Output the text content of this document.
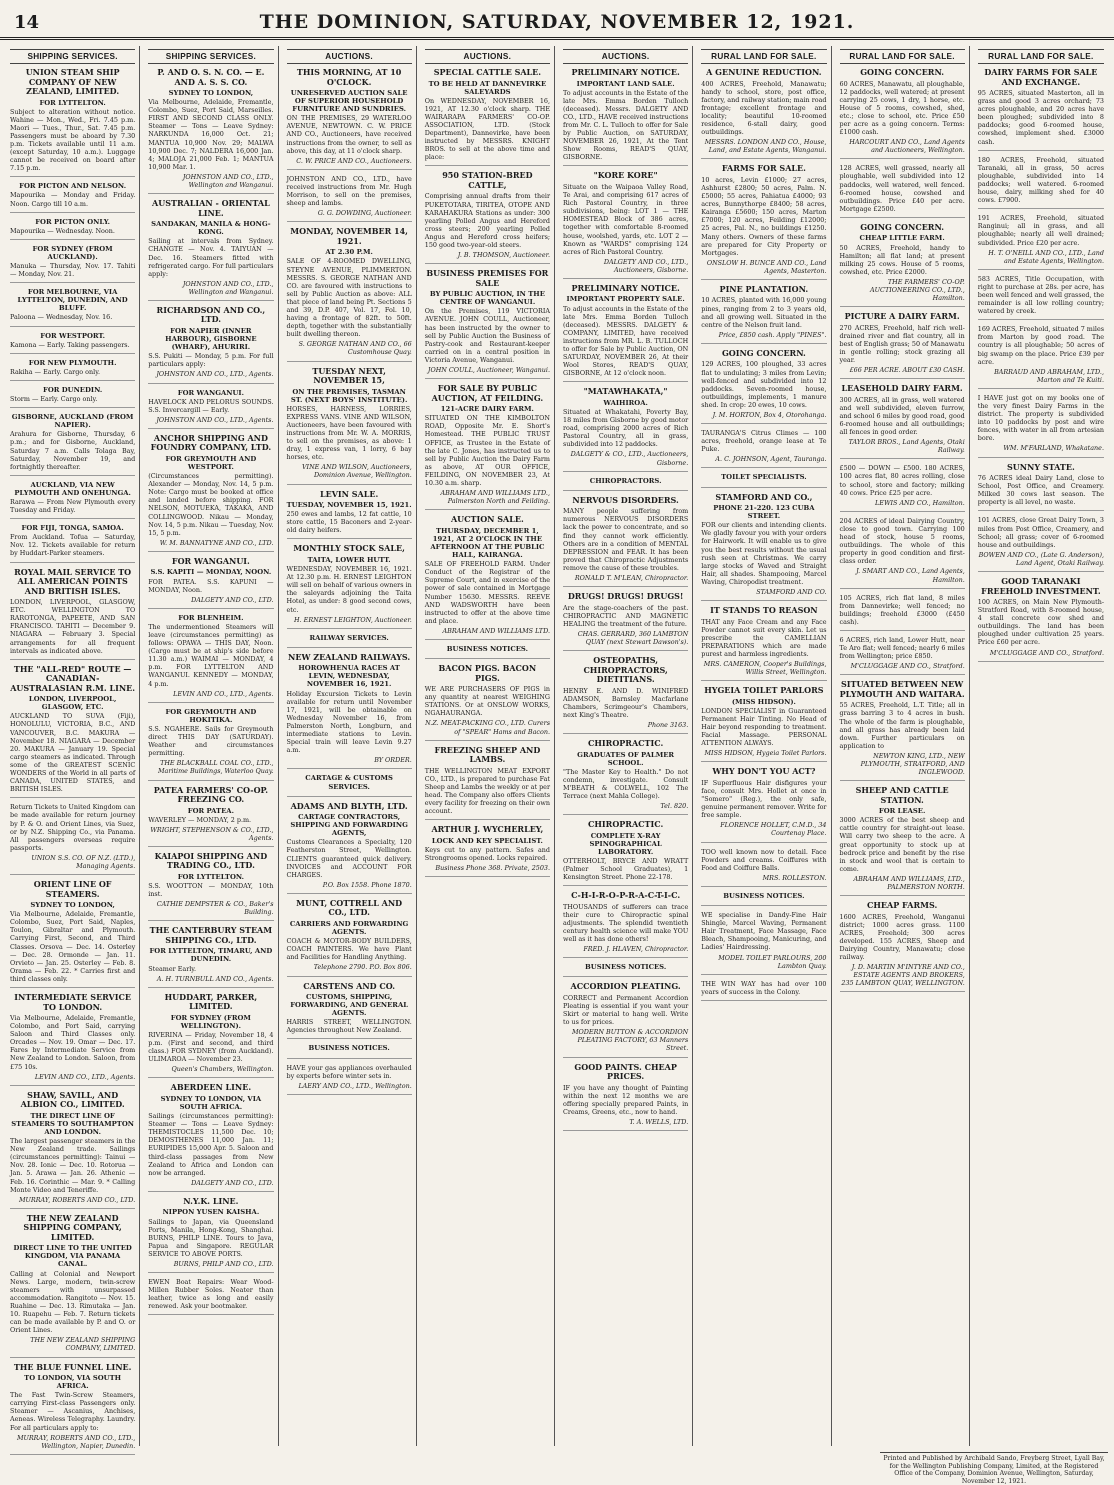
14	THE DOMINION, SATURDAY, NOVEMBER 12, 1921.
SHIPPING SERVICES.
UNION STEAM SHIP COMPANY OF NEW ZEALAND, LIMITED.
FOR LYTTELTON.
Subject to alteration without notice. Wahine — Mon., Wed., Fri. 7.45 p.m. Maori — Tues., Thur., Sat. 7.45 p.m. Passengers must be aboard by 7.30 p.m. Tickets available until 11 a.m. (except Saturday, 10 a.m.). Luggage cannot be received on board after 7.15 p.m.
FOR PICTON AND NELSON.
Mapourika — Monday and Friday. Noon. Cargo till 10 a.m.
FOR PICTON ONLY.
Mapourika — Wednesday. Noon.
FOR SYDNEY (FROM AUCKLAND).
Manuka — Thursday, Nov. 17. Tahiti — Monday, Nov. 21.
FOR MELBOURNE, VIA LYTTELTON, DUNEDIN, AND BLUFF.
Paloona — Wednesday, Nov. 16.
FOR WESTPORT.
Kamona — Early. Taking passengers.
FOR NEW PLYMOUTH.
Rakiha — Early. Cargo only.
FOR DUNEDIN.
Storm — Early. Cargo only.
GISBORNE, AUCKLAND (FROM NAPIER).
Arahura for Gisborne, Thursday, 6 p.m.; and for Gisborne, Auckland, Saturday 7 a.m. Calls Tolaga Bay, Saturday, November 19, and fortnightly thereafter.
AUCKLAND, VIA NEW PLYMOUTH AND ONEHUNGA.
Rarawa — From New Plymouth every Tuesday and Friday.
FOR FIJI, TONGA, SAMOA.
From Auckland. Tofua — Saturday, Nov. 12. Tickets available for return by Huddart-Parker steamers.
ROYAL MAIL SERVICE TO ALL AMERICAN POINTS AND BRITISH ISLES.
LONDON, LIVERPOOL, GLASGOW, ETC. WELLINGTON TO RAROTONGA, PAPEETE, AND SAN FRANCISCO. TAHITI — December 9. NIAGARA — February 3. Special arrangements for all frequent intervals as indicated above.
THE "ALL-RED" ROUTE — CANADIAN-AUSTRALASIAN R.M. LINE.
LONDON, LIVERPOOL, GLASGOW, ETC.
AUCKLAND TO SUVA (Fiji), HONOLULU, VICTORIA, B.C., AND VANCOUVER, B.C. MAKURA — November 18. NIAGARA — December 20. MAKURA — January 19. Special cargo steamers as indicated. Through some of the GREATEST SCENIC WONDERS of the World in all parts of CANADA, UNITED STATES, and BRITISH ISLES.
Return Tickets to United Kingdom can be made available for return journey by P. & O. and Orient Lines, via Suez, or by N.Z. Shipping Co., via Panama. All passengers overseas require passports.
UNION S.S. CO. OF N.Z. (LTD.), Managing Agents.
ORIENT LINE OF STEAMERS.
SYDNEY TO LONDON,
Via Melbourne, Adelaide, Fremantle, Colombo, Suez, Port Said, Naples, Toulon, Gibraltar and Plymouth. Carrying First, Second, and Third Classes. Orsova — Dec. 14. Osterley — Dec. 28. Ormonde — Jan. 11. Orvieto — Jan. 25. Osterley — Feb. 8. Orama — Feb. 22. * Carries first and third classes only.
INTERMEDIATE SERVICE TO LONDON.
Via Melbourne, Adelaide, Fremantle, Colombo, and Port Said, carrying Saloon and Third Classes only. Orcades — Nov. 19. Omar — Dec. 17. Fares by Intermediate Service from New Zealand to London. Saloon, from £75 10s.
LEVIN AND CO., LTD., Agents.
SHAW, SAVILL, AND ALBION CO., LIMITED.
THE DIRECT LINE OF STEAMERS TO SOUTHAMPTON AND LONDON.
The largest passenger steamers in the New Zealand trade. Sailings (circumstances permitting): Tainui — Nov. 28. Ionic — Dec. 10. Rotorua — Jan. 5. Arawa — Jan. 26. Athenic — Feb. 16. Corinthic — Mar. 9. * Calling Monte Video and Teneriffe.
MURRAY, ROBERTS AND CO., LTD.
THE NEW ZEALAND SHIPPING COMPANY, LIMITED.
DIRECT LINE TO THE UNITED KINGDOM, VIA PANAMA CANAL.
Calling at Colonial and Newport News. Large, modern, twin-screw steamers with unsurpassed accommodation. Rangitoto — Nov. 15. Ruahine — Dec. 13. Rimutaka — Jan. 10. Ruapehu — Feb. 7. Return tickets can be made available by P. and O. or Orient Lines.
THE NEW ZEALAND SHIPPING COMPANY, LIMITED.
THE BLUE FUNNEL LINE.
TO LONDON, VIA SOUTH AFRICA.
The Fast Twin-Screw Steamers, carrying First-class Passengers only. Steamer — Ascanius, Anchises, Aeneas. Wireless Telegraphy. Laundry. For all particulars apply to:
MURRAY, ROBERTS AND CO., LTD., Wellington, Napier, Dunedin.
SHIPPING SERVICES.
P. AND O. S. N. CO. — E. AND A. S. S. CO.
SYDNEY TO LONDON,
Via Melbourne, Adelaide, Fremantle, Colombo, Suez, Port Said, Marseilles. FIRST AND SECOND CLASS ONLY. Steamer — Tons — Leave Sydney: NARKUNDA 16,000 Oct. 21; MANTUA 10,900 Nov. 29; MALWA 10,900 Dec. 7; NALDERA 16,000 Jan. 4; MALOJA 21,000 Feb. 1; MANTUA 10,900 Mar. 1.
JOHNSTON AND CO., LTD., Wellington and Wanganui.
AUSTRALIAN - ORIENTAL LINE.
SANDAKAN, MANILA & HONG-KONG.
Sailing at intervals from Sydney. CHANGTE — Nov. 4. TAIYUAN — Dec. 16. Steamers fitted with refrigerated cargo. For full particulars apply:
JOHNSTON AND CO., LTD., Wellington and Wanganui.
RICHARDSON AND CO., LTD.
FOR NAPIER (INNER HARBOUR), GISBORNE (WHARF), AHURIRI.
S.S. Pukiti — Monday, 5 p.m. For full particulars apply:
JOHNSTON AND CO., LTD., Agents.
FOR WANGANUI.
HAVELOCK AND PELORUS SOUNDS. S.S. Invercargill — Early.
JOHNSTON AND CO., LTD., Agents.
ANCHOR SHIPPING AND FOUNDRY COMPANY, LTD.
FOR GREYMOUTH AND WESTPORT.
(Circumstances permitting). Alexander — Monday, Nov. 14, 5 p.m. Note: Cargo must be booked at office and landed before shipping. FOR NELSON, MOTUEKA, TAKAKA, AND COLLINGWOOD. Nikau — Monday, Nov. 14, 5 p.m. Nikau — Tuesday, Nov. 15, 5 p.m.
W. M. BANNATYNE AND CO., LTD.
FOR WANGANUI.
S.S. KAPITI — MONDAY, NOON.
FOR PATEA. S.S. KAPUNI — MONDAY, Noon.
DALGETY AND CO., LTD.
FOR BLENHEIM.
The undermentioned Steamers will leave (circumstances permitting) as follows: OPAWA — THIS DAY, Noon. (Cargo must be at ship's side before 11.30 a.m.) WAIMAI — MONDAY, 4 p.m. FOR LYTTELTON AND WANGANUI. KENNEDY — MONDAY, 4 p.m.
LEVIN AND CO., LTD., Agents.
FOR GREYMOUTH AND HOKITIKA.
S.S. NGAHERE. Sails for Greymouth direct THIS DAY (SATURDAY). Weather and circumstances permitting.
THE BLACKBALL COAL CO., LTD., Maritime Buildings, Waterloo Quay.
PATEA FARMERS' CO-OP. FREEZING CO.
FOR PATEA.
WAVERLEY — MONDAY, 2 p.m.
WRIGHT, STEPHENSON & CO., LTD., Agents.
KAIAPOI SHIPPING AND TRADING CO., LTD.
FOR LYTTELTON.
S.S. WOOTTON — MONDAY, 10th inst.
CATHIE DEMPSTER & CO., Baker's Building.
THE CANTERBURY STEAM SHIPPING CO., LTD.
FOR LYTTELTON, TIMARU, AND DUNEDIN.
Steamer Early.
A. H. TURNBULL AND CO., Agents.
HUDDART, PARKER, LIMITED.
FOR SYDNEY (FROM WELLINGTON).
RIVERINA — Friday, November 18, 4 p.m. (First and second, and third class.) FOR SYDNEY (from Auckland). ULIMAROA — November 23.
Queen's Chambers, Wellington.
ABERDEEN LINE.
SYDNEY TO LONDON, VIA SOUTH AFRICA.
Sailings (circumstances permitting): Steamer — Tons — Leave Sydney: THEMISTOCLES 11,500 Dec. 10; DEMOSTHENES 11,000 Jan. 11; EURIPIDES 15,000 Apr. 5. Saloon and third-class passages from New Zealand to Africa and London can now be arranged.
DALGETY AND CO., LTD.
N.Y.K. LINE.
NIPPON YUSEN KAISHA.
Sailings to Japan, via Queensland Ports, Manila, Hong-Kong, Shanghai. BURNS, PHILP LINE. Tours to Java, Papua and Singapore. REGULAR SERVICE TO ABOVE PORTS.
BURNS, PHILP AND CO., LTD.
EWEN Boat Repairs: Wear Wood-Millen Rubber Soles. Neater than leather, twice as long and easily renewed. Ask your bootmaker.
AUCTIONS.
THIS MORNING, AT 10 O'CLOCK.
UNRESERVED AUCTION SALE OF SUPERIOR HOUSEHOLD FURNITURE AND SUNDRIES.
ON THE PREMISES, 29 WATERLOO AVENUE, NEWTOWN. C. W. PRICE AND CO., Auctioneers, have received instructions from the owner, to sell as above, this day, at 11 o'clock sharp.
C. W. PRICE AND CO., Auctioneers.
JOHNSTON AND CO., LTD., have received instructions from Mr. Hugh Morrison, to sell on the premises, sheep and lambs.
G. G. DOWDING, Auctioneer.
MONDAY, NOVEMBER 14, 1921.
AT 2.30 P.M.
SALE OF 4-ROOMED DWELLING, STEYNE AVENUE, PLIMMERTON. MESSRS. S. GEORGE NATHAN AND CO. are favoured with instructions to sell by Public Auction as above: ALL that piece of land being Pt. Sections 5 and 39, D.P. 407, Vol. 17, Fol. 10, having a frontage of 82ft. to 50ft. depth, together with the substantially built dwelling thereon.
S. GEORGE NATHAN AND CO., 66 Customhouse Quay.
TUESDAY NEXT, NOVEMBER 15,
ON THE PREMISES, TASMAN ST. (NEXT BOYS' INSTITUTE).
HORSES, HARNESS, LORRIES, EXPRESS VANS. VINE AND WILSON, Auctioneers, have been favoured with instructions from Mr. W. A. MORRIS, to sell on the premises, as above: 1 dray, 1 express van, 1 lorry, 6 bay horses, etc.
VINE AND WILSON, Auctioneers, Dominion Avenue, Wellington.
LEVIN SALE.
TUESDAY, NOVEMBER 15, 1921.
250 ewes and lambs, 12 fat cattle, 10 store cattle, 15 Baconers and 2-year-old dairy heifers.
MONTHLY STOCK SALE,
TAITA, LOWER HUTT.
WEDNESDAY, NOVEMBER 16, 1921. At 12.30 p.m. H. ERNEST LEIGHTON will sell on behalf of various owners in the saleyards adjoining the Taita Hotel, as under: 8 good second cows, etc.
H. ERNEST LEIGHTON, Auctioneer.
RAILWAY SERVICES.
NEW ZEALAND RAILWAYS.
HOROWHENUA RACES AT LEVIN, WEDNESDAY, NOVEMBER 16, 1921.
Holiday Excursion Tickets to Levin available for return until November 17, 1921, will be obtainable on Wednesday November 16, from Palmerston North, Longburn, and intermediate stations to Levin. Special train will leave Levin 9.27 a.m.
BY ORDER.
CARTAGE & CUSTOMS SERVICES.
ADAMS AND BLYTH, LTD.
CARTAGE CONTRACTORS, SHIPPING AND FORWARDING AGENTS,
Customs Clearances a Specialty, 120 Featherston Street, Wellington. CLIENTS guaranteed quick delivery. INVOICES and ACCOUNT FOR CHARGES.
P.O. Box 1558. Phone 1870.
MUNT, COTTRELL AND CO., LTD.
CARRIERS AND FORWARDING AGENTS.
COACH & MOTOR-BODY BUILDERS, COACH PAINTERS. We have Plant and Facilities for Handling Anything.
Telephone 2790. P.O. Box 806.
CARSTENS AND CO.
CUSTOMS, SHIPPING, FORWARDING, AND GENERAL AGENTS.
HARRIS STREET, WELLINGTON. Agencies throughout New Zealand.
BUSINESS NOTICES.
HAVE your gas appliances overhauled by experts before winter sets in.
LAERY AND CO., LTD., Wellington.
AUCTIONS.
SPECIAL CATTLE SALE.
TO BE HELD AT DANNEVIRKE SALEYARDS
On WEDNESDAY, NOVEMBER 16, 1921, AT 12.30 o'clock sharp. THE WAIRARAPA FARMERS' CO-OP. ASSOCIATION, LTD. (Stock Department), Dannevirke, have been instructed by MESSRS. KNIGHT BROS. to sell at the above time and place:
950 STATION-BRED CATTLE,
Comprising annual drafts from their PUKETOTARA, TIRITEA, OTOPE AND KARAHAKURA Stations as under: 300 yearling Polled Angus and Hereford cross steers; 200 yearling Polled Angus and Hereford cross heifers; 150 good two-year-old steers.
J. B. THOMSON, Auctioneer.
BUSINESS PREMISES FOR SALE
BY PUBLIC AUCTION, IN THE CENTRE OF WANGANUI.
On the Premises, 119 VICTORIA AVENUE. JOHN COULL, Auctioneer, has been instructed by the owner to sell by Public Auction the Business of Pastry-cook and Restaurant-keeper carried on in a central position in Victoria Avenue, Wanganui.
JOHN COULL, Auctioneer, Wanganui.
FOR SALE BY PUBLIC AUCTION, AT FEILDING.
121-ACRE DAIRY FARM.
SITUATED ON THE KIMBOLTON ROAD, Opposite Mr. E. Short's Homestead. THE PUBLIC TRUST OFFICE, as Trustee in the Estate of the late C. Jones, has instructed us to sell by Public Auction the Dairy Farm as above, AT OUR OFFICE, FEILDING, ON NOVEMBER 23, At 10.30 a.m. sharp.
ABRAHAM AND WILLIAMS LTD., Palmerston North and Feilding.
AUCTION SALE.
THURSDAY, DECEMBER 1, 1921, AT 2 O'CLOCK IN THE AFTERNOON AT THE PUBLIC HALL, KAIRANGA.
SALE OF FREEHOLD FARM. Under Conduct of the Registrar of the Supreme Court, and in exercise of the power of sale contained in Mortgage Number 15630. MESSRS. REEVE AND WADSWORTH have been instructed to offer at the above time and place.
ABRAHAM AND WILLIAMS LTD.
BUSINESS NOTICES.
BACON PIGS. BACON PIGS.
WE ARE PURCHASERS OF PIGS in any quantity at nearest WEIGHING STATIONS. Or at ONSLOW WORKS, NGAHAURANGA.
N.Z. MEAT-PACKING CO., LTD. Curers of "SPEAR" Hams and Bacon.
FREEZING SHEEP AND LAMBS.
THE WELLINGTON MEAT EXPORT CO., LTD., is prepared to purchase Fat Sheep and Lambs the weekly or at per head. The Company also offers Clients every facility for freezing on their own account.
ARTHUR J. WYCHERLEY,
LOCK AND KEY SPECIALIST.
Keys cut to any pattern. Safes and Strongrooms opened. Locks repaired.
Business Phone 368. Private, 2503.
AUCTIONS.
PRELIMINARY NOTICE.
IMPORTANT LAND SALE.
To adjust accounts in the Estate of the late Mrs. Emma Borden Tulloch (deceased). Messrs. DALGETY AND CO., LTD., HAVE received instructions from Mr. C. L. Tulloch to offer for Sale by Public Auction, on SATURDAY, NOVEMBER 26, 1921, At the Tent Show Rooms, READ'S QUAY, GISBORNE.
"KORE KORE"
Situate on the Waipaoa Valley Road, Te Arai, and comprising 617 acres of Rich Pastoral Country, in three subdivisions, being: LOT 1 — THE HOMESTEAD Block of 386 acres, together with comfortable 8-roomed house, woolshed, yards, etc. LOT 2 — Known as "WARDS" comprising 124 acres of Rich Pastoral Country.
DALGETY AND CO., LTD., Auctioneers, Gisborne.
PRELIMINARY NOTICE.
IMPORTANT PROPERTY SALE.
To adjust accounts in the Estate of the late Mrs. Emma Borden Tulloch (deceased). MESSRS. DALGETY & COMPANY, LIMITED, have received instructions from MR. L. B. TULLOCH to offer for Sale by Public Auction, ON SATURDAY, NOVEMBER 26, At their Wool Stores, READ'S QUAY, GISBORNE, At 12 o'clock noon.
"MATAWHAKATA,"
WAIHIROA.
Situated at Whakatahi, Poverty Bay, 18 miles from Gisborne by good motor road, comprising 2000 acres of Rich Pastoral Country, all in grass, subdivided into 12 paddocks.
DALGETY & CO., LTD., Auctioneers, Gisborne.
CHIROPRACTORS.
NERVOUS DISORDERS.
MANY people suffering from numerous NERVOUS DISORDERS lack the power to concentrate, and so find they cannot work efficiently. Others are in a condition of MENTAL DEPRESSION and FEAR. It has been proved that Chiropractic Adjustments remove the cause of these troubles.
RONALD T. M'LEAN, Chiropractor.
DRUGS! DRUGS! DRUGS!
Are the stage-coachers of the past. CHIROPRACTIC AND MAGNETIC HEALING the treatment of the future.
CHAS. GERRARD, 360 LAMBTON QUAY (next Stewart Dawson's).
OSTEOPATHS, CHIROPRACTORS, DIETITIANS.
HENRY E. AND D. WINIFRED ADAMSON, Barnsley Macfarlane Chambers, Scrimgeour's Chambers, next King's Theatre.
Phone 3163.
CHIROPRACTIC.
GRADUATES OF PALMER SCHOOL.
"The Master Key to Health." Do not condemn, investigate. Consult M'BEATH & COLWELL, 102 The Terrace (next Mahla College).
Tel. 820.
CHIROPRACTIC.
COMPLETE X-RAY SPINOGRAPHICAL LABORATORY.
OTTERHOLT, BRYCE AND WRATT (Palmer School Graduates), 1 Kensington Street. Phone 22-178.
C-H-I-R-O-P-R-A-C-T-I-C.
THOUSANDS of sufferers can trace their cure to Chiropractic spinal adjustments. The splendid twentieth century health science will make YOU well as it has done others!
FRED. J. HLAVEN, Chiropractor.
BUSINESS NOTICES.
ACCORDION PLEATING.
CORRECT and Permanent Accordion Pleating is essential if you want your Skirt or material to hang well. Write to us for prices.
MODERN BUTTON & ACCORDION PLEATING FACTORY, 63 Manners Street.
GOOD PAINTS. CHEAP PRICES.
IF you have any thought of Painting within the next 12 months we are offering specially prepared Paints, in Creams, Greens, etc., now to hand.
T. A. WELLS, LTD.
RURAL LAND FOR SALE.
A GENUINE REDUCTION.
400 ACRES, Freehold, Manawatu; handy to school, store, post office, factory, and railway station; main road frontage; excellent frontage and locality; beautiful 10-roomed residence, 6-stall dairy, good outbuildings.
MESSRS. LONDON AND CO., House, Land, and Estate Agents, Wanganui.
FARMS FOR SALE.
10 acres, Levin £1000; 27 acres, Ashhurst £2800; 50 acres, Palm. N. £5000; 55 acres, Pahiatua £4000; 93 acres, Bunnythorpe £8400; 58 acres, Kairanga £5600; 150 acres, Marton £7000; 120 acres, Feilding £12000; 25 acres, Pal. N., no buildings £1250. Many others. Owners of these farms are prepared for City Property or Mortgages.
ONSLOW H. BUNCE AND CO., Land Agents, Masterton.
PINE PLANTATION.
10 ACRES, planted with 16,000 young pines, ranging from 2 to 3 years old, and all growing well. Situated in the centre of the Nelson fruit land.
Price, £850 cash. Apply "PINES".
GOING CONCERN.
129 ACRES, 100 ploughed, 33 acres flat to undulating; 3 miles from Levin; well-fenced and subdivided into 12 paddocks. Seven-roomed house, outbuildings, implements, 1 manure shed. In crop: 20 ewes, 10 cows.
J. M. HORTON, Box 4, Otorohanga.
TAURANGA'S Citrus Climes — 100 acres, freehold, orange lease at Te Puke.
A. C. JOHNSON, Agent, Tauranga.
TOILET SPECIALISTS.
STAMFORD AND CO.,
PHONE 21-220. 123 CUBA STREET.
FOR our clients and intending clients. We gladly favour you with your orders for Hairwork. It will enable us to give you the best results without the usual rush seen at Christmas. We carry large stocks of Waved and Straight Hair, all shades. Shampooing, Marcel Waving, Chiropodist treatment.
STAMFORD AND CO.
IT STANDS TO REASON
THAT any Face Cream and any Face Powder cannot suit every skin. Let us prescribe the CAMELLIAN PREPARATIONS which are made purest and harmless ingredients.
MRS. CAMERON, Cooper's Buildings, Willis Street, Wellington.
HYGEIA TOILET PARLORS
(MISS HIDSON).
LONDON SPECIALIST in Guaranteed Permanent Hair Tinting. No Head of Hair beyond responding to treatment. Facial Massage. PERSONAL ATTENTION ALWAYS.
MISS HIDSON, Hygeia Toilet Parlors.
WHY DON'T YOU ACT?
IF Superfluous Hair disfigures your face, consult Mrs. Hollet at once in "Somero" (Reg.), the only safe, genuine permanent remover. Write for free sample.
FLORENCE HOLLET, C.M.D., 34 Courtenay Place.
TOO well known now to detail. Face Powders and creams. Coiffures with Food and Coiffure Balls.
MRS. ROLLESTON.
BUSINESS NOTICES.
WE specialise in Dandy-Fine Hair Shingle, Marcel Waving, Permanent Hair Treatment, Face Massage, Face Bleach, Shampooing, Manicuring, and Ladies' Hairdressing.
MODEL TOILET PARLOURS, 200 Lambton Quay.
THE WIN WAY has had over 100 years of success in the Colony.
RURAL LAND FOR SALE.
GOING CONCERN.
60 ACRES, Manawatu, all ploughable, 12 paddocks, well watered; at present carrying 25 cows, 1 dry, 1 horse, etc. House of 5 rooms, cowshed, shed, etc.; close to school, etc. Price £50 per acre as a going concern. Terms: £1000 cash.
HARCOURT AND CO., Land Agents and Auctioneers, Wellington.
128 ACRES, well grassed, nearly all ploughable, well subdivided into 12 paddocks, well watered, well fenced. 6-roomed house, cowshed and outbuildings. Price £40 per acre. Mortgage £2500.
GOING CONCERN.
CHEAP LITTLE FARM.
50 ACRES, Freehold, handy to Hamilton; all flat land; at present milking 25 cows. House of 5 rooms, cowshed, etc. Price £2000.
THE FARMERS' CO-OP. AUCTIONEERING CO., LTD., Hamilton.
PICTURE A DAIRY FARM.
270 ACRES, Freehold, half rich well-drained river and flat country, all in best of English grass; 50 of Manawatu in gentle rolling; stock grazing all year.
£66 PER ACRE. ABOUT £30 CASH.
LEASEHOLD DAIRY FARM.
300 ACRES, all in grass, well watered and well subdivided, eleven furrow, and school 6 miles by good road, good 6-roomed house and all outbuildings; all fences in good order.
TAYLOR BROS., Land Agents, Otaki Railway.
£500 — DOWN — £500. 180 ACRES, 100 acres flat, 80 acres rolling, close to school, store and factory; milking 40 cows. Price £25 per acre.
LEWIS AND CO., Hamilton.
204 ACRES of ideal Dairying Country, close to good town. Carrying 100 head of stock, house 5 rooms, outbuildings. The whole of this property in good condition and first-class order.
J. SMART AND CO., Land Agents, Hamilton.
105 ACRES, rich flat land, 8 miles from Dannevirke; well fenced; no buildings; freehold £3000 (£450 cash).
6 ACRES, rich land, Lower Hutt, near Te Aro flat; well fenced; nearly 6 miles from Wellington; price £850.
M'CLUGGAGE AND CO., Stratford.
SITUATED BETWEEN NEW PLYMOUTH AND WAITARA.
55 ACRES, Freehold, L.T. Title; all in grass barring 3 to 4 acres in bush. The whole of the farm is ploughable, and all grass has already been laid down. Further particulars on application to
NEWTON KING, LTD., NEW PLYMOUTH, STRATFORD, AND INGLEWOOD.
SHEEP AND CATTLE STATION.
FOR LEASE.
3000 ACRES of the best sheep and cattle country for straight-out lease. Will carry two sheep to the acre. A great opportunity to stock up at bedrock price and benefit by the rise in stock and wool that is certain to come.
ABRAHAM AND WILLIAMS, LTD., PALMERSTON NORTH.
CHEAP FARMS.
1600 ACRES, Freehold, Wanganui district; 1000 acres grass. 1100 ACRES, Freehold; 300 acres developed. 155 ACRES, Sheep and Dairying Country, Manawatu; close railway.
J. D. MARTIN M'INTYRE AND CO., ESTATE AGENTS AND BROKERS, 235 LAMBTON QUAY, WELLINGTON.
RURAL LAND FOR SALE.
DAIRY FARMS FOR SALE AND EXCHANGE.
95 ACRES, situated Masterton, all in grass and good 3 acres orchard; 73 acres ploughable, and 20 acres have been ploughed; subdivided into 8 paddocks; good 6-roomed house, cowshed, implement shed. £3000 cash.
180 ACRES, Freehold, situated Taranaki, all in grass, 50 acres ploughable, subdivided into 14 paddocks; well watered. 6-roomed house, dairy, milking shed for 40 cows. £7900.
191 ACRES, Freehold, situated Ranginui; all in grass, and all ploughable; nearly all well drained; subdivided. Price £20 per acre.
H. T. O'NEILL AND CO., LTD., Land and Estate Agents, Wellington.
583 ACRES, Title Occupation, with right to purchase at 28s. per acre, has been well fenced and well grassed, the remainder is all low rolling country; watered by creek.
169 ACRES, Freehold, situated 7 miles from Marton by good road. The country is all ploughable; 50 acres of big swamp on the place. Price £39 per acre.
BARRAUD AND ABRAHAM, LTD., Marton and Te Kuiti.
I HAVE just got on my books one of the very finest Dairy Farms in the district. The property is subdivided into 10 paddocks by post and wire fences, with water in all from artesian bore.
WM. M'FARLAND, Whakatane.
SUNNY STATE.
76 ACRES ideal Dairy Land, close to School, Post Office, and Creamery. Milked 30 cows last season. The property is all level, no waste.
101 ACRES, close Great Dairy Town, 3 miles from Post Office, Creamery, and School; all grass; cover of 6-roomed house and outbuildings.
BOWEN AND CO., (Late G. Anderson), Land Agent, Otaki Railway.
GOOD TARANAKI FREEHOLD INVESTMENT.
100 ACRES, on Main New Plymouth-Stratford Road, with 8-roomed house, 4 stall concrete cow shed and outbuildings. The land has been ploughed under cultivation 25 years. Price £60 per acre.
M'CLUGGAGE AND CO., Stratford.
Printed and Published by Archibald Sando, Freyberg Street, Lyall Bay, for the Wellington Publishing Company, Limited, at the Registered Office of the Company, Dominion Avenue, Wellington, Saturday, November 12, 1921.
